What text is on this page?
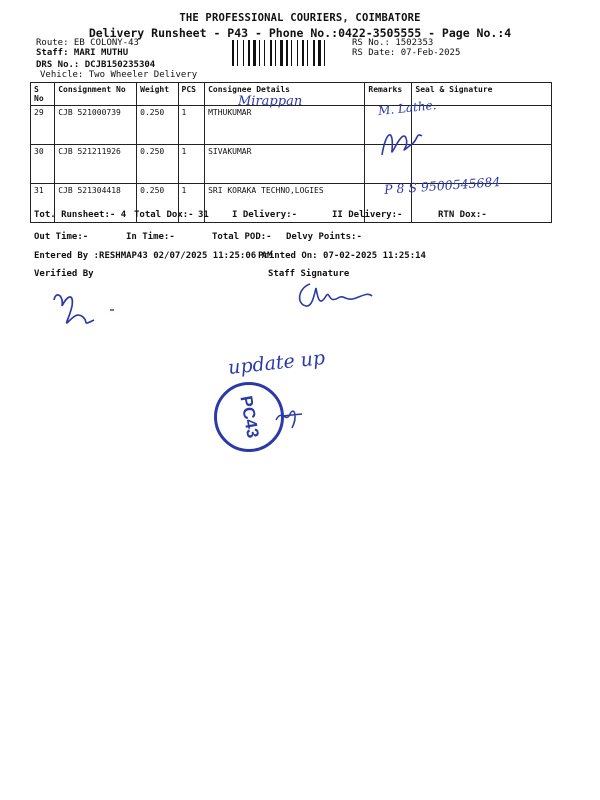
THE PROFESSIONAL COURIERS, COIMBATORE
Delivery Runsheet - P43 - Phone No.:0422-3505555 - Page No.:4
Route: EB COLONY-43
Staff: MARI MUTHU
DRS No.: DCJB150235304
Vehicle: Two Wheeler Delivery
RS No.: 1502353
RS Date: 07-Feb-2025
S No	Consignment No	Weight	PCS	Consignee Details	Remarks	Seal & Signature
29	CJB 521000739	0.250	1	MTHUKUMAR		
30	CJB 521211926	0.250	1	SIVAKUMAR		
31	CJB 521304418	0.250	1	SRI KORAKA TECHNO,LOGIES		
Mirappan	M. Lathe.
P 8 S 9500545684
Tot. Runsheet:- 4 Total Dox:- 31	I Delivery:-	II Delivery:-	RTN Dox:-
Out Time:-	In Time:-	Total POD:- Delvy Points:-
Entered By :RESHMAP43 02/07/2025 11:25:06 AM
Printed On: 07-02-2025 11:25:14
Verified By	Staff Signature
update up
PC43
